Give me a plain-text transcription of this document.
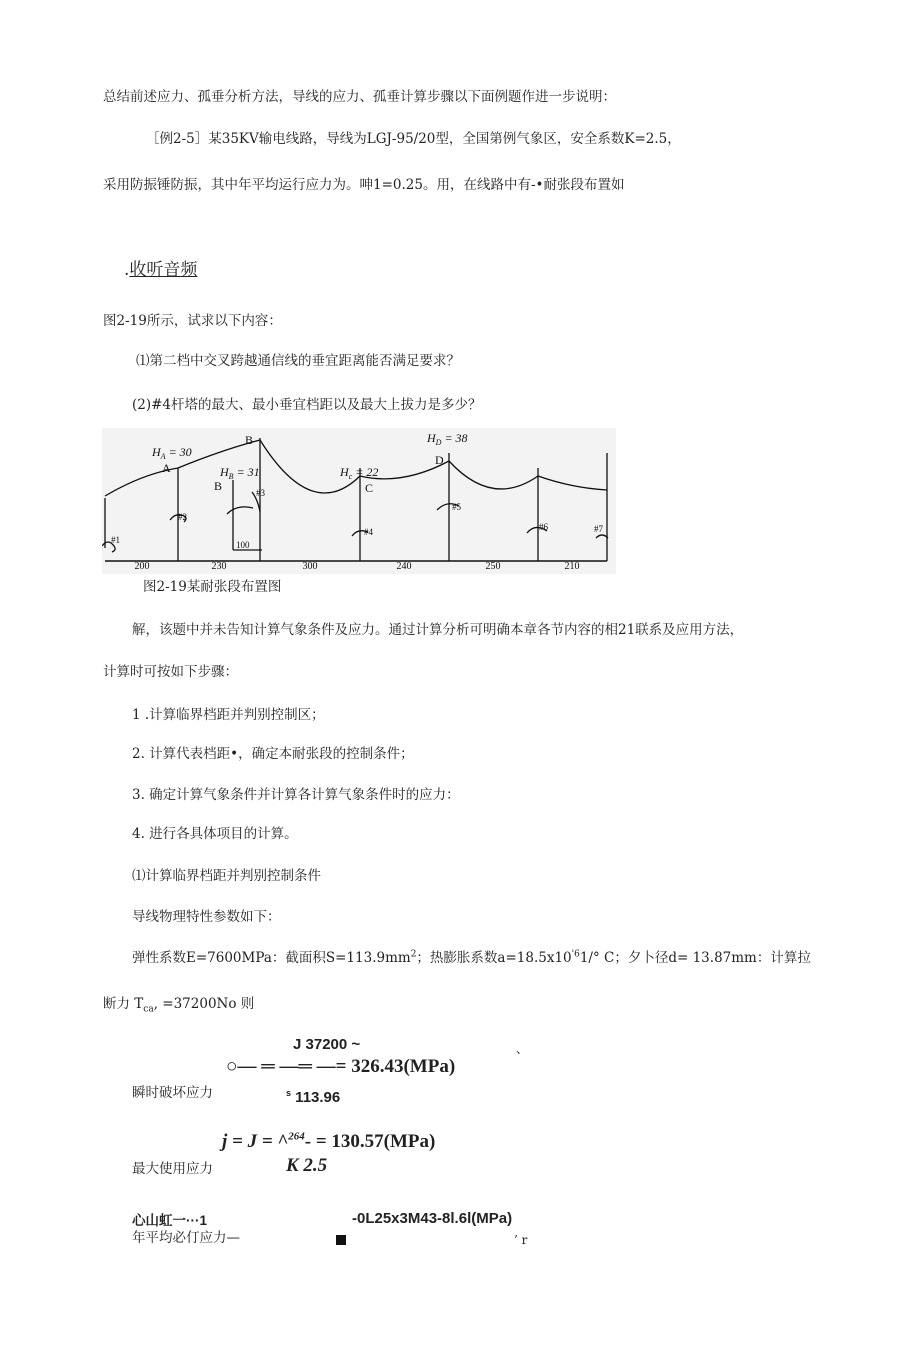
总结前述应力、孤垂分析方法，导线的应力、孤垂计算步骤以下面例题作进一步说明：
［例2-5］某35KV输电线路，导线为LGJ-95/20型，全国第例气象区，安全系数K=2.5，
采用防振锤防振，其中年平均运行应力为。呻1=0.25。用，在线路中有-•耐张段布置如
.收听音频
图2-19所示，试求以下内容：
⑴第二档中交叉跨越通信线的垂宜距离能否满足要求？
(2)#4杆塔的最大、最小垂宜档距以及最大上拔力是多少？
$H_A = 30$
$H_B = 31$	$H_c = 22$
$H_D = 38$
A
B
B	C
D
100
#1
#2
#3
#4
#5
#6	#7
200	230	300	240	250	210
图2-19某耐张段布置图
解，该题中并未告知计算气象条件及应力。通过计算分析可明确本章各节内容的相21联系及应用方法，
计算时可按如下步骤：
1 .计算临界档距并判别控制区；
2. 计算代表档距•，确定本耐张段的控制条件；
3. 确定计算气象条件并计算各计算气象条件时的应力：
4. 进行各具体项目的计算。
⑴计算临界档距并判别控制条件
导线物理特性参数如下：
弹性系数E=7600MPa：截面积$S=113.9mm^2$；热膨胀系数$a=18.5x10^{'6}1/^\circ$ C；夕卜径d= 13.87mm：计算拉
断力 $T_{ca}$, =37200No 则
J 37200 ~	、
○— ═ —═ —= 326.43(MPa)
瞬时破坏应力	$^s$ 113.96
j = J = ^$^{264}$- = 130.57(MPa)
最大使用应力	K 2.5
心山虹一···1	-0L25x3M43-8l.6l(MPa)
年平均必仃应力—	’ r
